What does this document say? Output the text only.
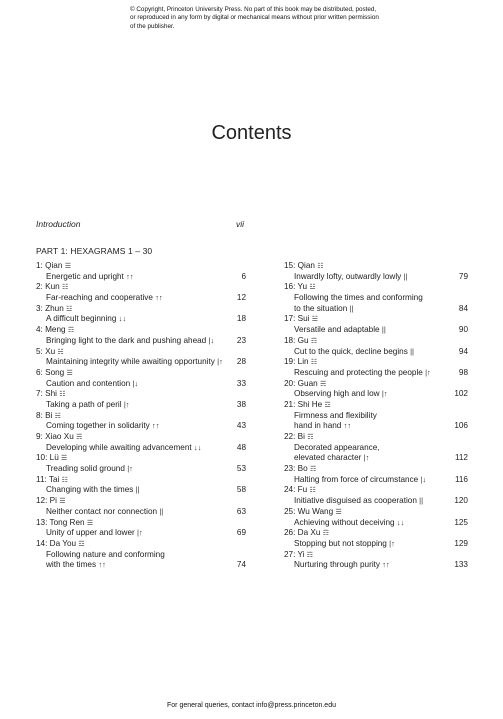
© Copyright, Princeton University Press. No part of this book may be distributed, posted, or reproduced in any form by digital or mechanical means without prior written permission of the publisher.
Contents
Introduction	vii
PART 1: HEXAGRAMS 1 – 30
1: Qian ☰
Energetic and upright ↑↑	6
2: Kun ☷
Far-reaching and cooperative ↑↑	12
3: Zhun ☳
A difficult beginning ↓↓	18
4: Meng ☶
Bringing light to the dark and pushing ahead |↓	23
5: Xu ☵
Maintaining integrity while awaiting opportunity |↑ 28
6: Song ☰
Caution and contention |↓	33
7: Shi ☷
Taking a path of peril |↑	38
8: Bi ☵
Coming together in solidarity ↑↑	43
9: Xiao Xu ☴
Developing while awaiting advancement ↓↓	48
10: Lü ☰
Treading solid ground |↑	53
11: Tai ☷
Changing with the times ||	58
12: Pi ☰
Neither contact nor connection ||	63
13: Tong Ren ☰
Unity of upper and lower |↑	69
14: Da You ☲
Following nature and conforming
with the times ↑↑	74
15: Qian ☷
Inwardly lofty, outwardly lowly ||	79
16: Yu ☳
Following the times and conforming
to the situation ||	84
17: Sui ☱
Versatile and adaptable ||	90
18: Gu ☶
Cut to the quick, decline begins ||	94
19: Lin ☷
Rescuing and protecting the people |↑	98
20: Guan ☴
Observing high and low |↑	102
21: Shi He ☲
Firmness and flexibility
hand in hand ↑↑	106
22: Bi ☶
Decorated appearance,
elevated character |↑	112
23: Bo ☶
Halting from force of circumstance |↓	116
24: Fu ☷
Initiative disguised as cooperation ||	120
25: Wu Wang ☰
Achieving without deceiving ↓↓	125
26: Da Xu ☶
Stopping but not stopping |↑	129
27: Yi ☶
Nurturing through purity ↑↑	133
For general queries, contact info@press.princeton.edu
